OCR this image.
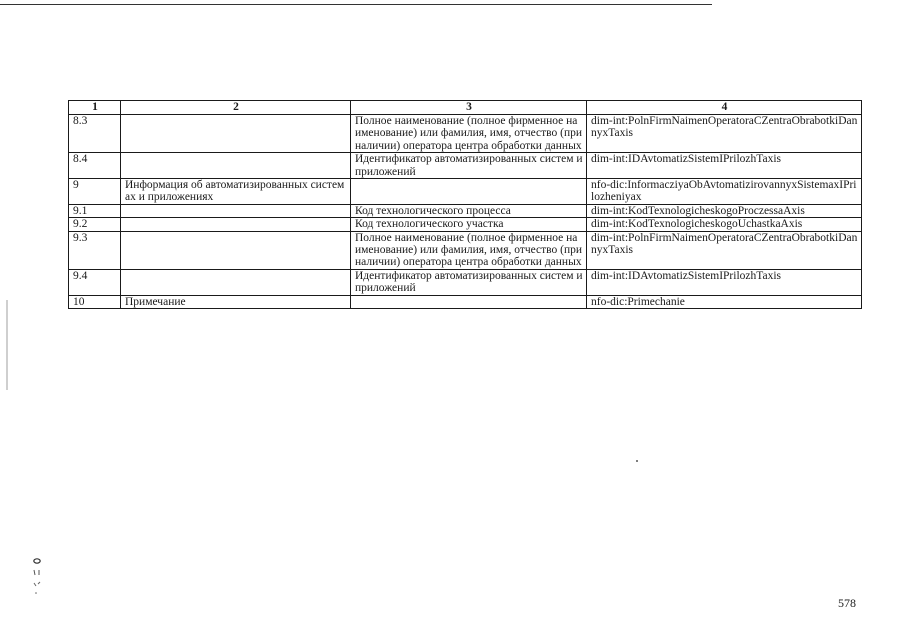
1	2	3	4
8.3		Полное наименование (полное фирменное наименование) или фамилия, имя, отчество (при наличии) оператора центра обработки данных	dim-int:PolnFirmNaimenOperatoraCZentraObrabotkiDannyxTaxis
8.4		Идентификатор автоматизированных систем и приложений	dim-int:IDAvtomatizSistemIPrilozhTaxis
9	Информация об автоматизированных системах и приложениях		nfo-dic:InformacziyaObAvtomatizirovannyxSistemaxIPrilozheniyax
9.1		Код технологического процесса	dim-int:KodTexnologicheskogoProczessaAxis
9.2		Код технологического участка	dim-int:KodTexnologicheskogoUchastkaAxis
9.3		Полное наименование (полное фирменное наименование) или фамилия, имя, отчество (при наличии) оператора центра обработки данных	dim-int:PolnFirmNaimenOperatoraCZentraObrabotkiDannyxTaxis
9.4		Идентификатор автоматизированных систем и приложений	dim-int:IDAvtomatizSistemIPrilozhTaxis
10	Примечание		nfo-dic:Primechanie
578
